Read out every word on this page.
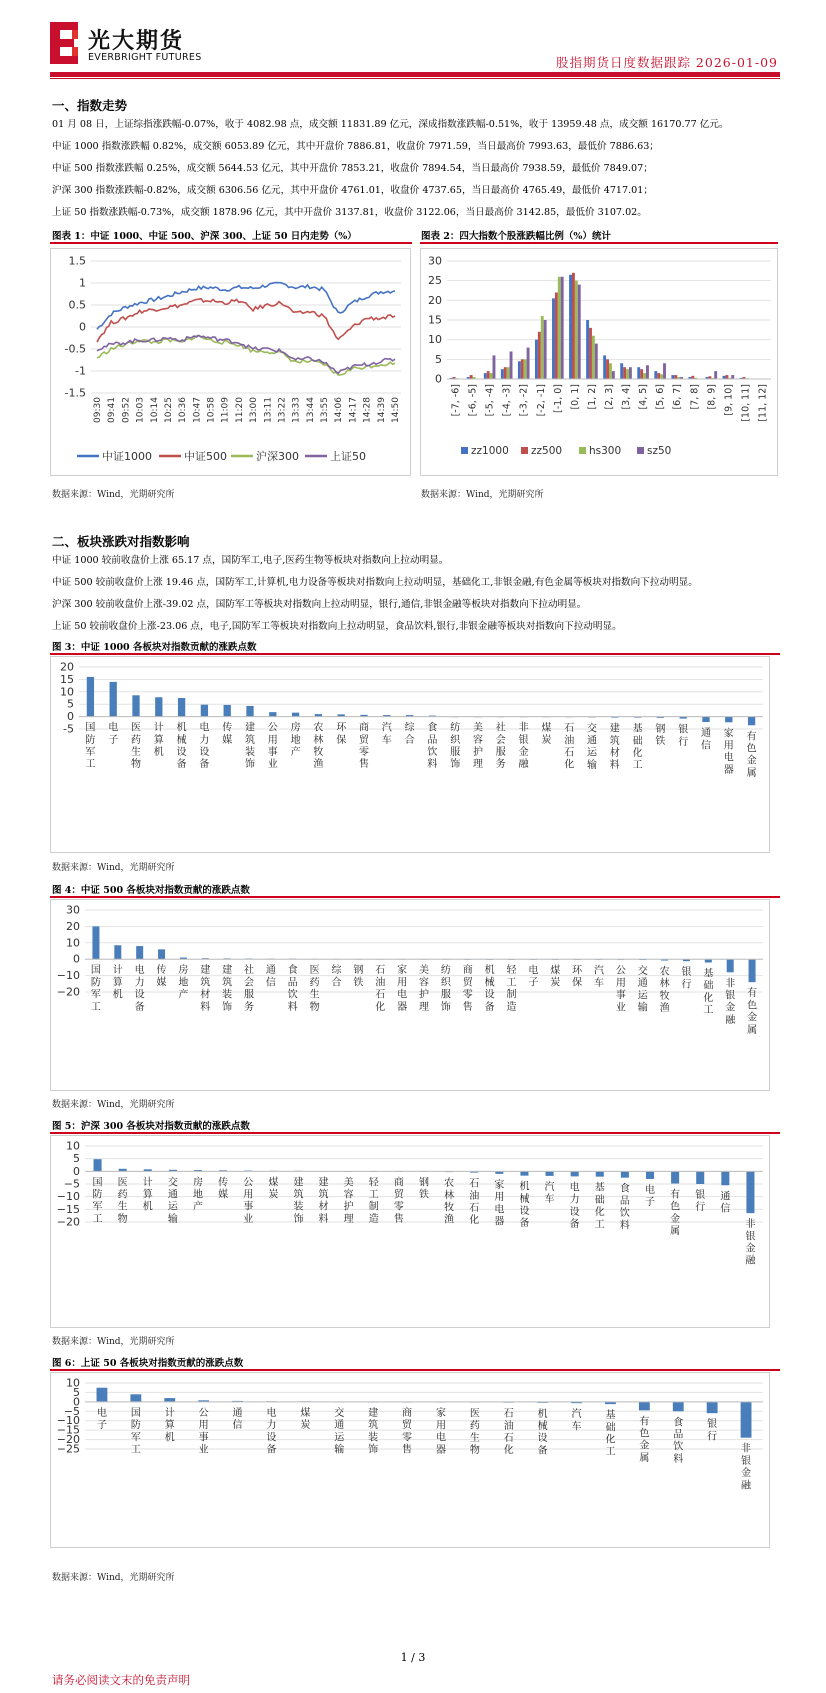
光大期货
EVERBRIGHT FUTURES	股指期货日度数据跟踪 2026-01-09
一、指数走势
01 月 08 日，上证综指涨跌幅-0.07%，收于 4082.98 点，成交额 11831.89 亿元，深成指数涨跌幅-0.51%，收于 13959.48 点，成交额 16170.77 亿元。
中证 1000 指数涨跌幅 0.82%，成交额 6053.89 亿元，其中开盘价 7886.81，收盘价 7971.59，当日最高价 7993.63，最低价 7886.63；
中证 500 指数涨跌幅 0.25%，成交额 5644.53 亿元，其中开盘价 7853.21，收盘价 7894.54，当日最高价 7938.59，最低价 7849.07；
沪深 300 指数涨跌幅-0.82%，成交额 6306.56 亿元，其中开盘价 4761.01，收盘价 4737.65，当日最高价 4765.49，最低价 4717.01；
上证 50 指数涨跌幅-0.73%，成交额 1878.96 亿元，其中开盘价 3137.81，收盘价 3122.06，当日最高价 3142.85，最低价 3107.02。
图表 1：中证 1000、中证 500、沪深 300、上证 50 日内走势（%）	图表 2：四大指数个股涨跌幅比例（%）统计
1.5
1
0.5
0
-0.5
-1
-1.5
09:30 09:41 09:52 10:03 10:14 10:25 10:36 10:47 10:58 11:09 11:20 13:00 13:11 13:22 13:33 13:44 13:55 14:06 14:17 14:28 14:39 14:50
中证1000	中证500	沪深300	上证50
30
25
20
15
10
5
0
[-7, -6] [-6, -5] [-5, -4] [-4, -3] [-3, -2] [-2, -1] [-1, 0] [0, 1] [1, 2] [2, 3] [3, 4] [4, 5] [5, 6] [6, 7] [7, 8] [8, 9] [9, 10] [10, 11] [11, 12]
zz1000 zz500	hs300 sz50
数据来源：Wind，光期研究所	数据来源：Wind，光期研究所
二、板块涨跌对指数影响
中证 1000 较前收盘价上涨 65.17 点，国防军工,电子,医药生物等板块对指数向上拉动明显。
中证 500 较前收盘价上涨 19.46 点，国防军工,计算机,电力设备等板块对指数向上拉动明显，基础化工,非银金融,有色金属等板块对指数向下拉动明显。
沪深 300 较前收盘价上涨-39.02 点，国防军工等板块对指数向上拉动明显，银行,通信,非银金融等板块对指数向下拉动明显。
上证 50 较前收盘价上涨-23.06 点，电子,国防军工等板块对指数向上拉动明显，食品饮料,银行,非银金融等板块对指数向下拉动明显。
图 3：中证 1000 各板块对指数贡献的涨跌点数
20
15
10
5
0
-5 国防军工
电子
医药生物
计算机
机械设备
电力设备
传媒
建筑装饰
公用事业
房地产
农林牧渔
环保
商贸零售
汽车
综合
食品饮料
纺织服饰
美容护理
社会服务
非银金融
煤炭
石油石化
交通运输
建筑材料
基础化工
钢铁
银行
通信
家用电器
有色金属
数据来源：Wind，光期研究所
图 4：中证 500 各板块对指数贡献的涨跌点数
30
20
10
0
−10
−20
国防军工
计算机
电力设备
传媒
房地产
建筑材料
建筑装饰
社会服务
通信
食品饮料
医药生物
综合
钢铁
石油石化
家用电器
美容护理
纺织服饰
商贸零售
机械设备
轻工制造
电子
煤炭
环保
汽车
公用事业
交通运输
农林牧渔
银行
基础化工
非银金融
有色金属
数据来源：Wind，光期研究所
图 5：沪深 300 各板块对指数贡献的涨跌点数
10
5
0
−5
−10
−15
−20
国防军工
医药生物
计算机
交通运输
房地产
传媒
公用事业
煤炭
建筑装饰
建筑材料
美容护理
轻工制造
商贸零售
钢铁
农林牧渔
石油石化
家用电器
机械设备
汽车
电力设备
基础化工
食品饮料
电子
有色金属
银行
通信
非银金融
数据来源：Wind，光期研究所
图 6：上证 50 各板块对指数贡献的涨跌点数
10
5
0
−5
−10
−15
−20
−25
电子
国防军工
计算机
公用事业
通信
电力设备
煤炭
交通运输
建筑装饰
商贸零售
家用电器
医药生物
石油石化
机械设备
汽车
基础化工
有色金属
食品饮料
银行
非银金融
数据来源：Wind，光期研究所
1 / 3
请务必阅读文末的免责声明
